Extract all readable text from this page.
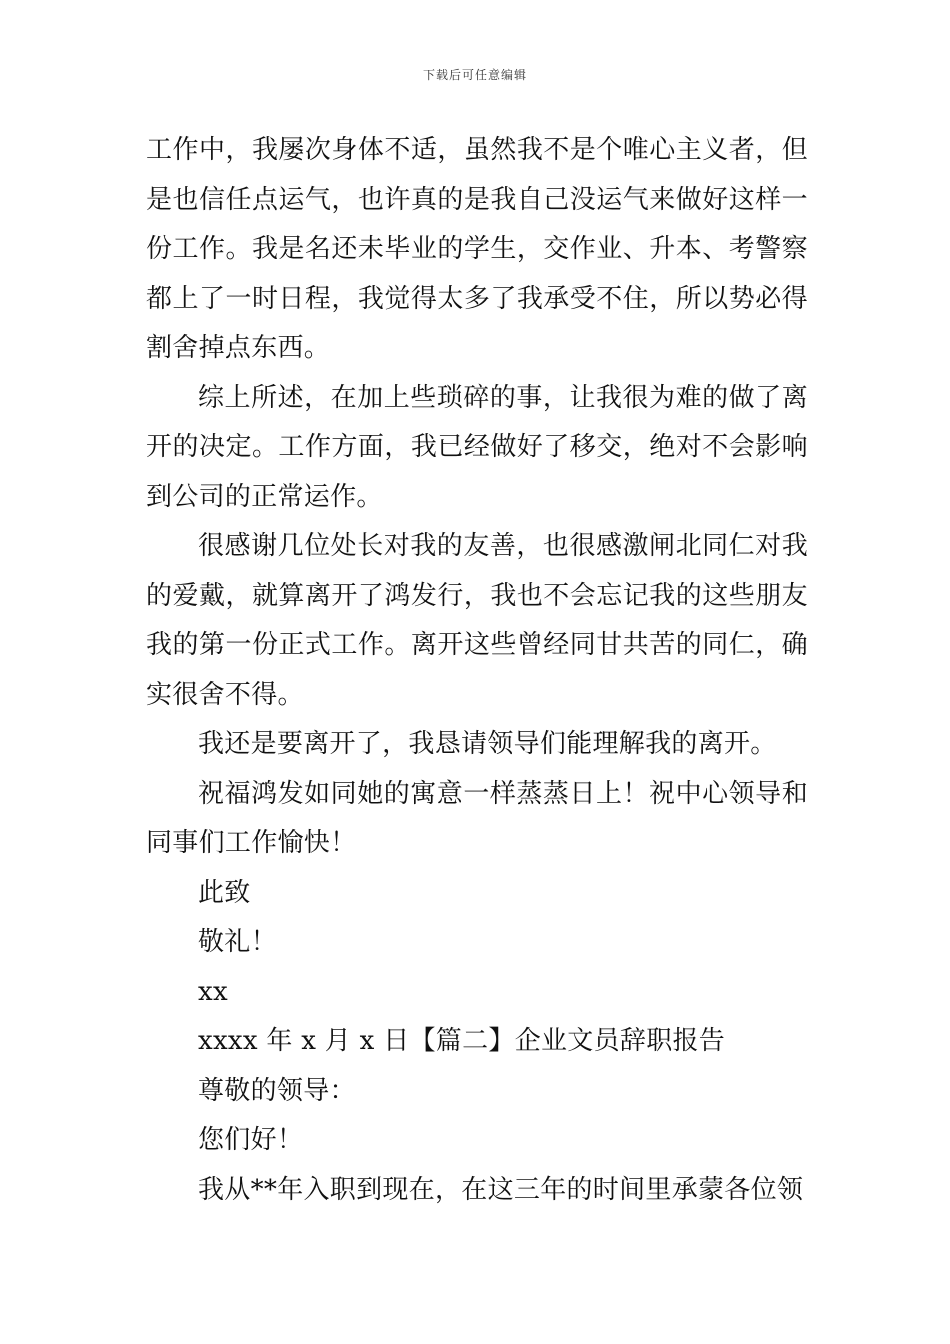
下载后可任意编辑

工作中，我屡次身体不适，虽然我不是个唯心主义者，但是也信任点运气，也许真的是我自己没运气来做好这样一份工作。我是名还未毕业的学生，交作业、升本、考警察都上了一时日程，我觉得太多了我承受不住，所以势必得割舍掉点东西。

综上所述，在加上些琐碎的事，让我很为难的做了离开的决定。工作方面，我已经做好了移交，绝对不会影响到公司的正常运作。

很感谢几位处长对我的友善，也很感激闸北同仁对我的爱戴，就算离开了鸿发行，我也不会忘记我的这些朋友我的第一份正式工作。离开这些曾经同甘共苦的同仁，确实很舍不得。

我还是要离开了，我恳请领导们能理解我的离开。

祝福鸿发如同她的寓意一样蒸蒸日上！祝中心领导和同事们工作愉快！

此致

敬礼！

xx

xxxx 年 x 月 x 日【篇二】企业文员辞职报告

尊敬的领导：

您们好！

我从**年入职到现在，在这三年的时间里承蒙各位领
